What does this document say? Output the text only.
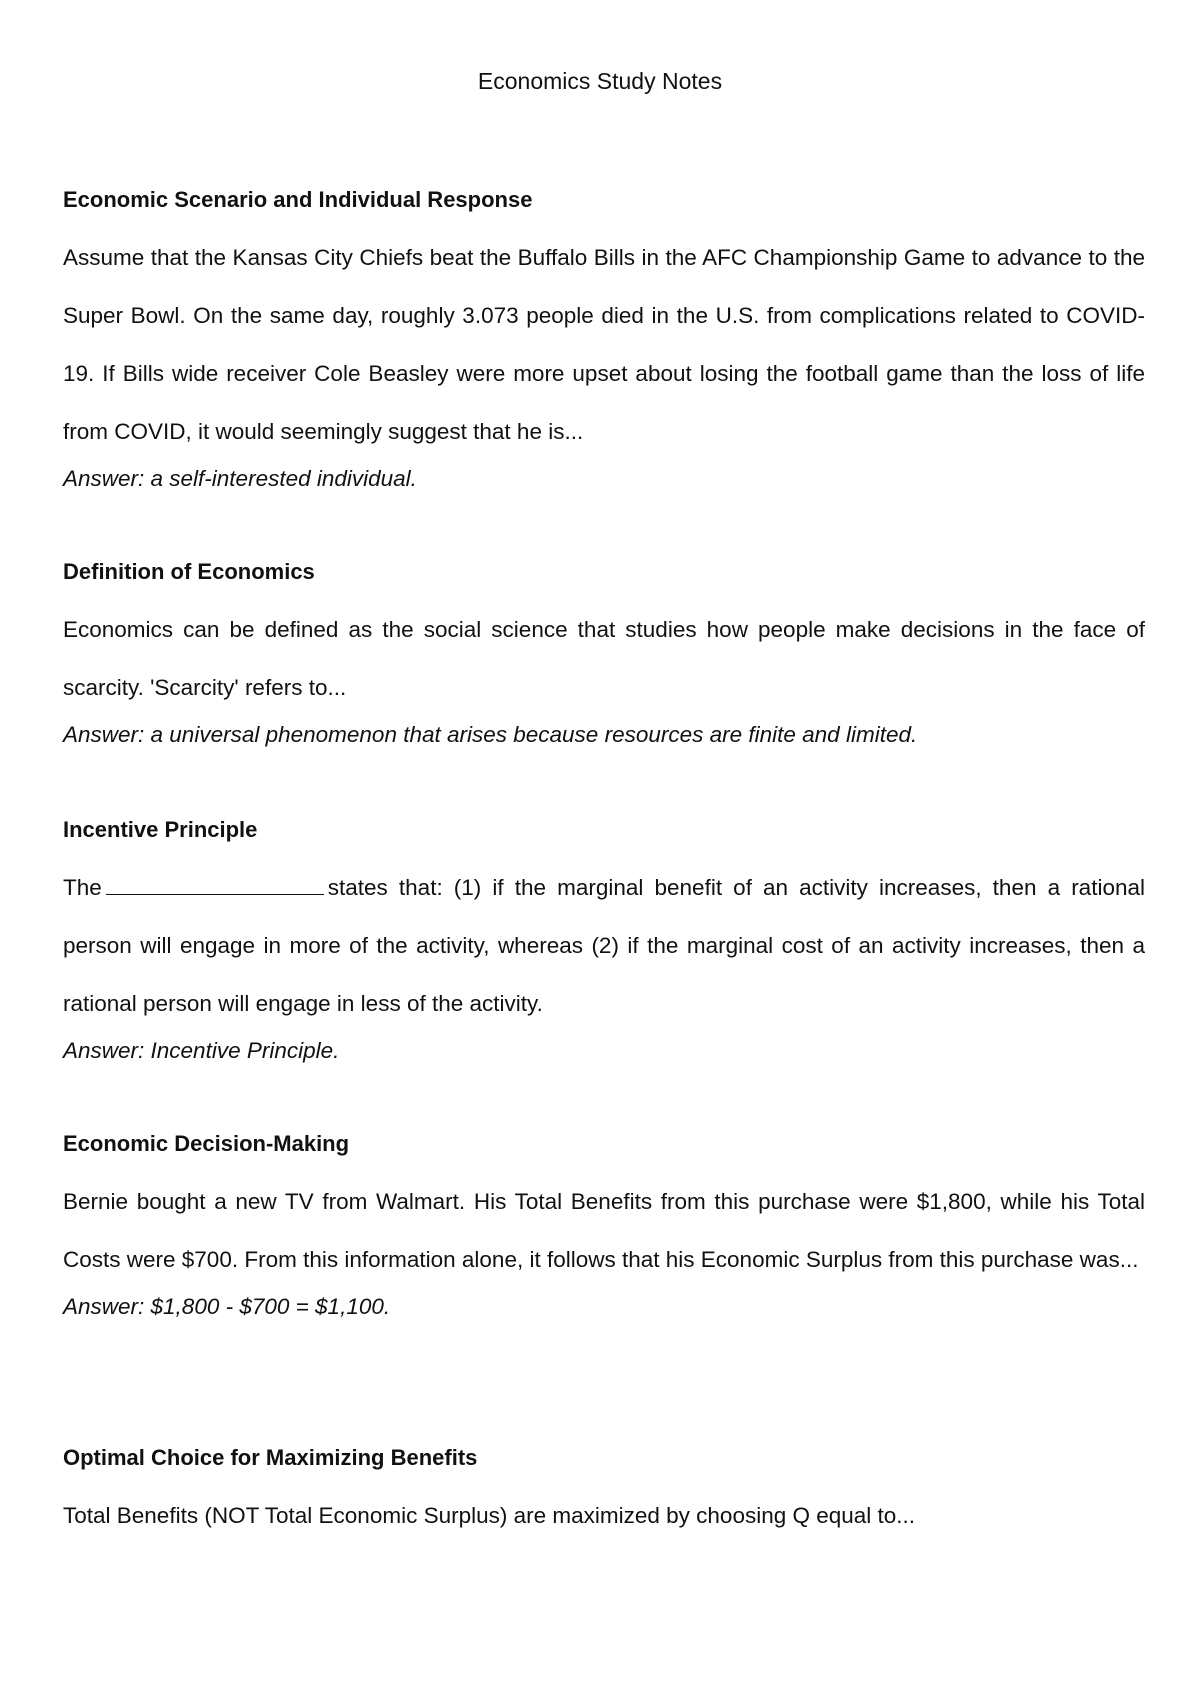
Economics Study Notes
Economic Scenario and Individual Response

Assume that the Kansas City Chiefs beat the Buffalo Bills in the AFC Championship Game to advance to the Super Bowl. On the same day, roughly 3.073 people died in the U.S. from complications related to COVID-19. If Bills wide receiver Cole Beasley were more upset about losing the football game than the loss of life from COVID, it would seemingly suggest that he is...

Answer: a self-interested individual.

Definition of Economics

Economics can be defined as the social science that studies how people make decisions in the face of scarcity. 'Scarcity' refers to...

Answer: a universal phenomenon that arises because resources are finite and limited.

Incentive Principle

The	states that: (1) if the marginal benefit of an activity increases, then a rational person will engage in more of the activity, whereas (2) if the marginal cost of an activity increases, then a rational person will engage in less of the activity.

Answer: Incentive Principle.

Economic Decision-Making

Bernie bought a new TV from Walmart. His Total Benefits from this purchase were $1,800, while his Total Costs were $700. From this information alone, it follows that his Economic Surplus from this purchase was...

Answer: $1,800 - $700 = $1,100.

Optimal Choice for Maximizing Benefits

Total Benefits (NOT Total Economic Surplus) are maximized by choosing Q equal to...
